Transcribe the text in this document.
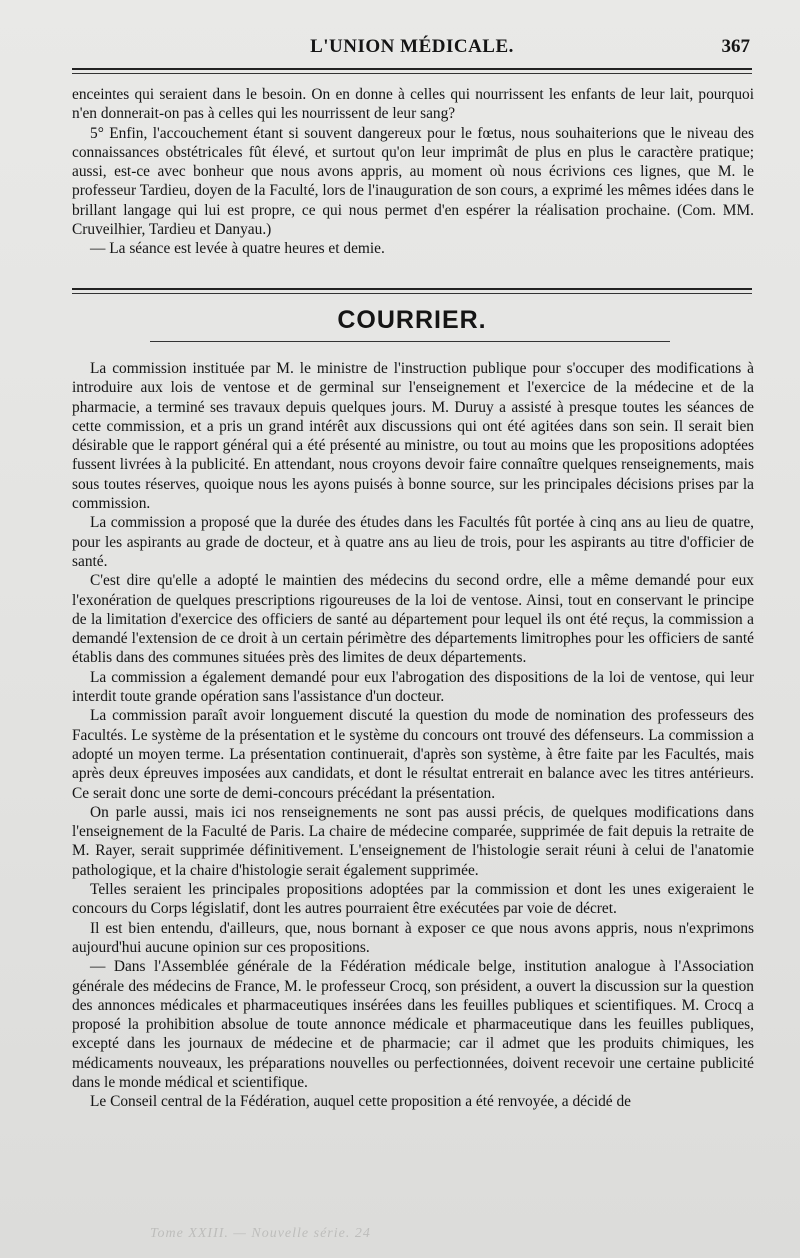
L'UNION MÉDICALE.	367

enceintes qui seraient dans le besoin. On en donne à celles qui nourrissent les enfants de leur lait, pourquoi n'en donnerait-on pas à celles qui les nourrissent de leur sang?

5° Enfin, l'accouchement étant si souvent dangereux pour le fœtus, nous souhaiterions que le niveau des connaissances obstétricales fût élevé, et surtout qu'on leur imprimât de plus en plus le caractère pratique; aussi, est-ce avec bonheur que nous avons appris, au moment où nous écrivions ces lignes, que M. le professeur Tardieu, doyen de la Faculté, lors de l'inauguration de son cours, a exprimé les mêmes idées dans le brillant langage qui lui est propre, ce qui nous permet d'en espérer la réalisation prochaine. (Com. MM. Cruveilhier, Tardieu et Danyau.)

— La séance est levée à quatre heures et demie.

COURRIER.

La commission instituée par M. le ministre de l'instruction publique pour s'occuper des modifications à introduire aux lois de ventose et de germinal sur l'enseignement et l'exercice de la médecine et de la pharmacie, a terminé ses travaux depuis quelques jours. M. Duruy a assisté à presque toutes les séances de cette commission, et a pris un grand intérêt aux discussions qui ont été agitées dans son sein. Il serait bien désirable que le rapport général qui a été présenté au ministre, ou tout au moins que les propositions adoptées fussent livrées à la publicité. En attendant, nous croyons devoir faire connaître quelques renseignements, mais sous toutes réserves, quoique nous les ayons puisés à bonne source, sur les principales décisions prises par la commission.

La commission a proposé que la durée des études dans les Facultés fût portée à cinq ans au lieu de quatre, pour les aspirants au grade de docteur, et à quatre ans au lieu de trois, pour les aspirants au titre d'officier de santé.

C'est dire qu'elle a adopté le maintien des médecins du second ordre, elle a même demandé pour eux l'exonération de quelques prescriptions rigoureuses de la loi de ventose. Ainsi, tout en conservant le principe de la limitation d'exercice des officiers de santé au département pour lequel ils ont été reçus, la commission a demandé l'extension de ce droit à un certain périmètre des départements limitrophes pour les officiers de santé établis dans des communes situées près des limites de deux départements.

La commission a également demandé pour eux l'abrogation des dispositions de la loi de ventose, qui leur interdit toute grande opération sans l'assistance d'un docteur.

La commission paraît avoir longuement discuté la question du mode de nomination des professeurs des Facultés. Le système de la présentation et le système du concours ont trouvé des défenseurs. La commission a adopté un moyen terme. La présentation continuerait, d'après son système, à être faite par les Facultés, mais après deux épreuves imposées aux candidats, et dont le résultat entrerait en balance avec les titres antérieurs. Ce serait donc une sorte de demi-concours précédant la présentation.

On parle aussi, mais ici nos renseignements ne sont pas aussi précis, de quelques modifications dans l'enseignement de la Faculté de Paris. La chaire de médecine comparée, supprimée de fait depuis la retraite de M. Rayer, serait supprimée définitivement. L'enseignement de l'histologie serait réuni à celui de l'anatomie pathologique, et la chaire d'histologie serait également supprimée.

Telles seraient les principales propositions adoptées par la commission et dont les unes exigeraient le concours du Corps législatif, dont les autres pourraient être exécutées par voie de décret.

Il est bien entendu, d'ailleurs, que, nous bornant à exposer ce que nous avons appris, nous n'exprimons aujourd'hui aucune opinion sur ces propositions.

— Dans l'Assemblée générale de la Fédération médicale belge, institution analogue à l'Association générale des médecins de France, M. le professeur Crocq, son président, a ouvert la discussion sur la question des annonces médicales et pharmaceutiques insérées dans les feuilles publiques et scientifiques. M. Crocq a proposé la prohibition absolue de toute annonce médicale et pharmaceutique dans les feuilles publiques, excepté dans les journaux de médecine et de pharmacie; car il admet que les produits chimiques, les médicaments nouveaux, les préparations nouvelles ou perfectionnées, doivent recevoir une certaine publicité dans le monde médical et scientifique.

Le Conseil central de la Fédération, auquel cette proposition a été renvoyée, a décidé de
Tome XXIII. — Nouvelle série. 24
